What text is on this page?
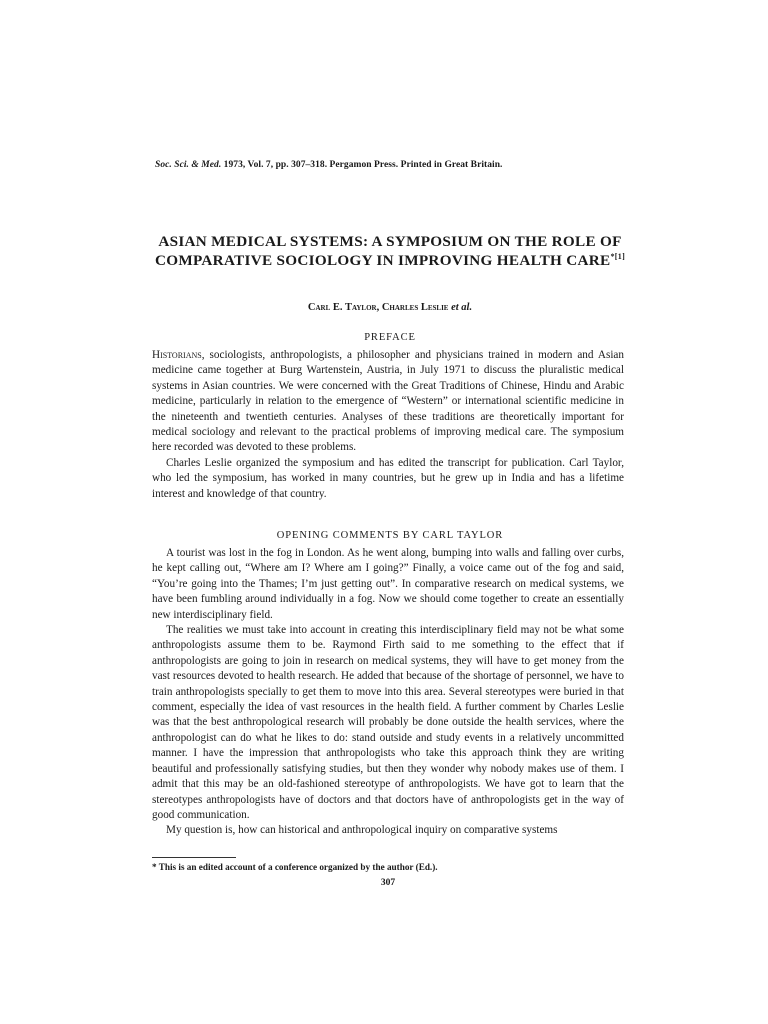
Soc. Sci. & Med. 1973, Vol. 7, pp. 307–318. Pergamon Press. Printed in Great Britain.
ASIAN MEDICAL SYSTEMS: A SYMPOSIUM ON THE ROLE OF COMPARATIVE SOCIOLOGY IN IMPROVING HEALTH $CARE^{*[1]}$
Carl E. Taylor, Charles Leslie et al.
PREFACE

Historians, sociologists, anthropologists, a philosopher and physicians trained in modern and Asian medicine came together at Burg Wartenstein, Austria, in July 1971 to discuss the pluralistic medical systems in Asian countries. We were concerned with the Great Traditions of Chinese, Hindu and Arabic medicine, particularly in relation to the emergence of “Western” or international scientific medicine in the nineteenth and twentieth centuries. Analyses of these traditions are theoretically important for medical sociology and relevant to the practical problems of improving medical care. The symposium here recorded was devoted to these problems.

Charles Leslie organized the symposium and has edited the transcript for publication. Carl Taylor, who led the symposium, has worked in many countries, but he grew up in India and has a lifetime interest and knowledge of that country.

OPENING COMMENTS BY CARL TAYLOR

A tourist was lost in the fog in London. As he went along, bumping into walls and falling over curbs, he kept calling out, “Where am I? Where am I going?” Finally, a voice came out of the fog and said, “You’re going into the Thames; I’m just getting out”. In comparative research on medical systems, we have been fumbling around individually in a fog. Now we should come together to create an essentially new interdisciplinary field.

The realities we must take into account in creating this interdisciplinary field may not be what some anthropologists assume them to be. Raymond Firth said to me something to the effect that if anthropologists are going to join in research on medical systems, they will have to get money from the vast resources devoted to health research. He added that because of the shortage of personnel, we have to train anthropologists specially to get them to move into this area. Several stereotypes were buried in that comment, especially the idea of vast resources in the health field. A further comment by Charles Leslie was that the best anthropological research will probably be done outside the health services, where the anthropologist can do what he likes to do: stand outside and study events in a relatively uncommitted manner. I have the impression that anthropologists who take this approach think they are writing beautiful and professionally satisfying studies, but then they wonder why nobody makes use of them. I admit that this may be an old-fashioned stereotype of anthropologists. We have got to learn that the stereotypes anthropologists have of doctors and that doctors have of anthropologists get in the way of good communication.

My question is, how can historical and anthropological inquiry on comparative systems

* This is an edited account of a conference organized by the author (Ed.).
307
